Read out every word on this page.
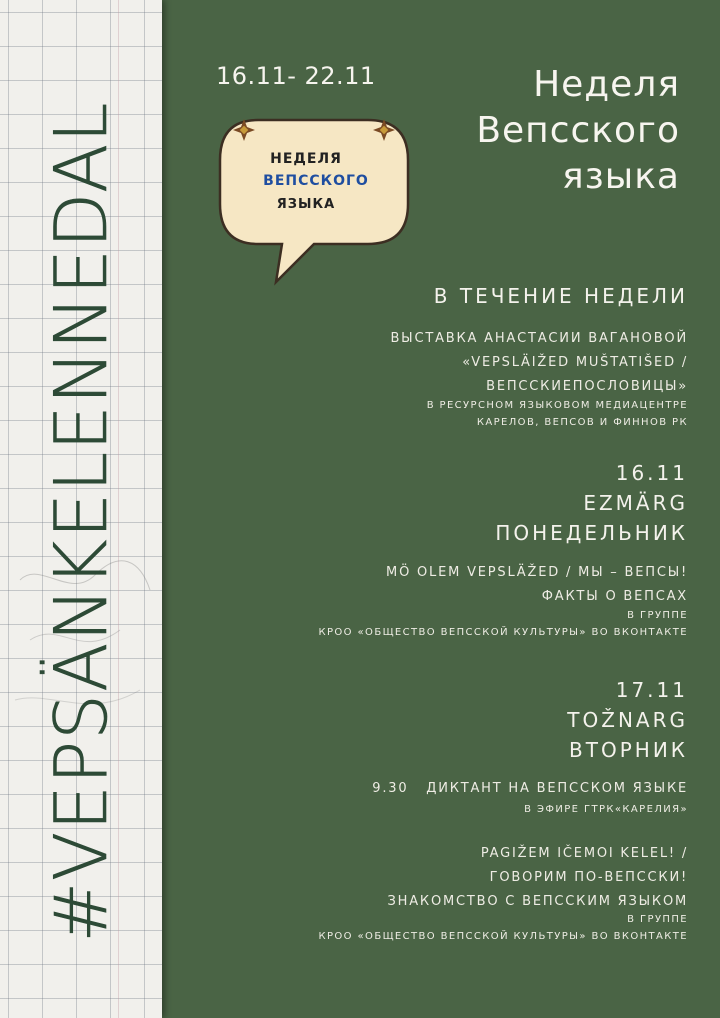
#VEPSÄNKELENNEDAL
16.11- 22.11
НЕДЕЛЯ
ВЕПССКОГО
ЯЗЫКА
Неделя
Вепсского
языка
В ТЕЧЕНИЕ НЕДЕЛИ
ВЫСТАВКА АНАСТАСИИ ВАГАНОВОЙ
«VEPSLÄIŽED MUŠTATIŠED /
ВЕПССКИЕПОСЛОВИЦЫ»
В РЕСУРСНОМ ЯЗЫКОВОМ МЕДИАЦЕНТРЕ
КАРЕЛОВ, ВЕПСОВ И ФИННОВ РК
16.11
EZMÄRG
ПОНЕДЕЛЬНИК
MÖ OLEM VEPSLÄŽED / МЫ – ВЕПСЫ!
ФАКТЫ О ВЕПСАХ
В ГРУППЕ
КРОО «ОБЩЕСТВО ВЕПССКОЙ КУЛЬТУРЫ» ВО ВКОНТАКТЕ
17.11
TOŽNARG
ВТОРНИК
9.30   ДИКТАНТ НА ВЕПССКОМ ЯЗЫКЕ
В ЭФИРЕ ГТРК«КАРЕЛИЯ»
PAGIŽEM IČEMOI KELEL! /
ГОВОРИМ ПО-ВЕПССКИ!
ЗНАКОМСТВО С ВЕПССКИМ ЯЗЫКОМ
В ГРУППЕ
КРОО «ОБЩЕСТВО ВЕПССКОЙ КУЛЬТУРЫ» ВО ВКОНТАКТЕ
